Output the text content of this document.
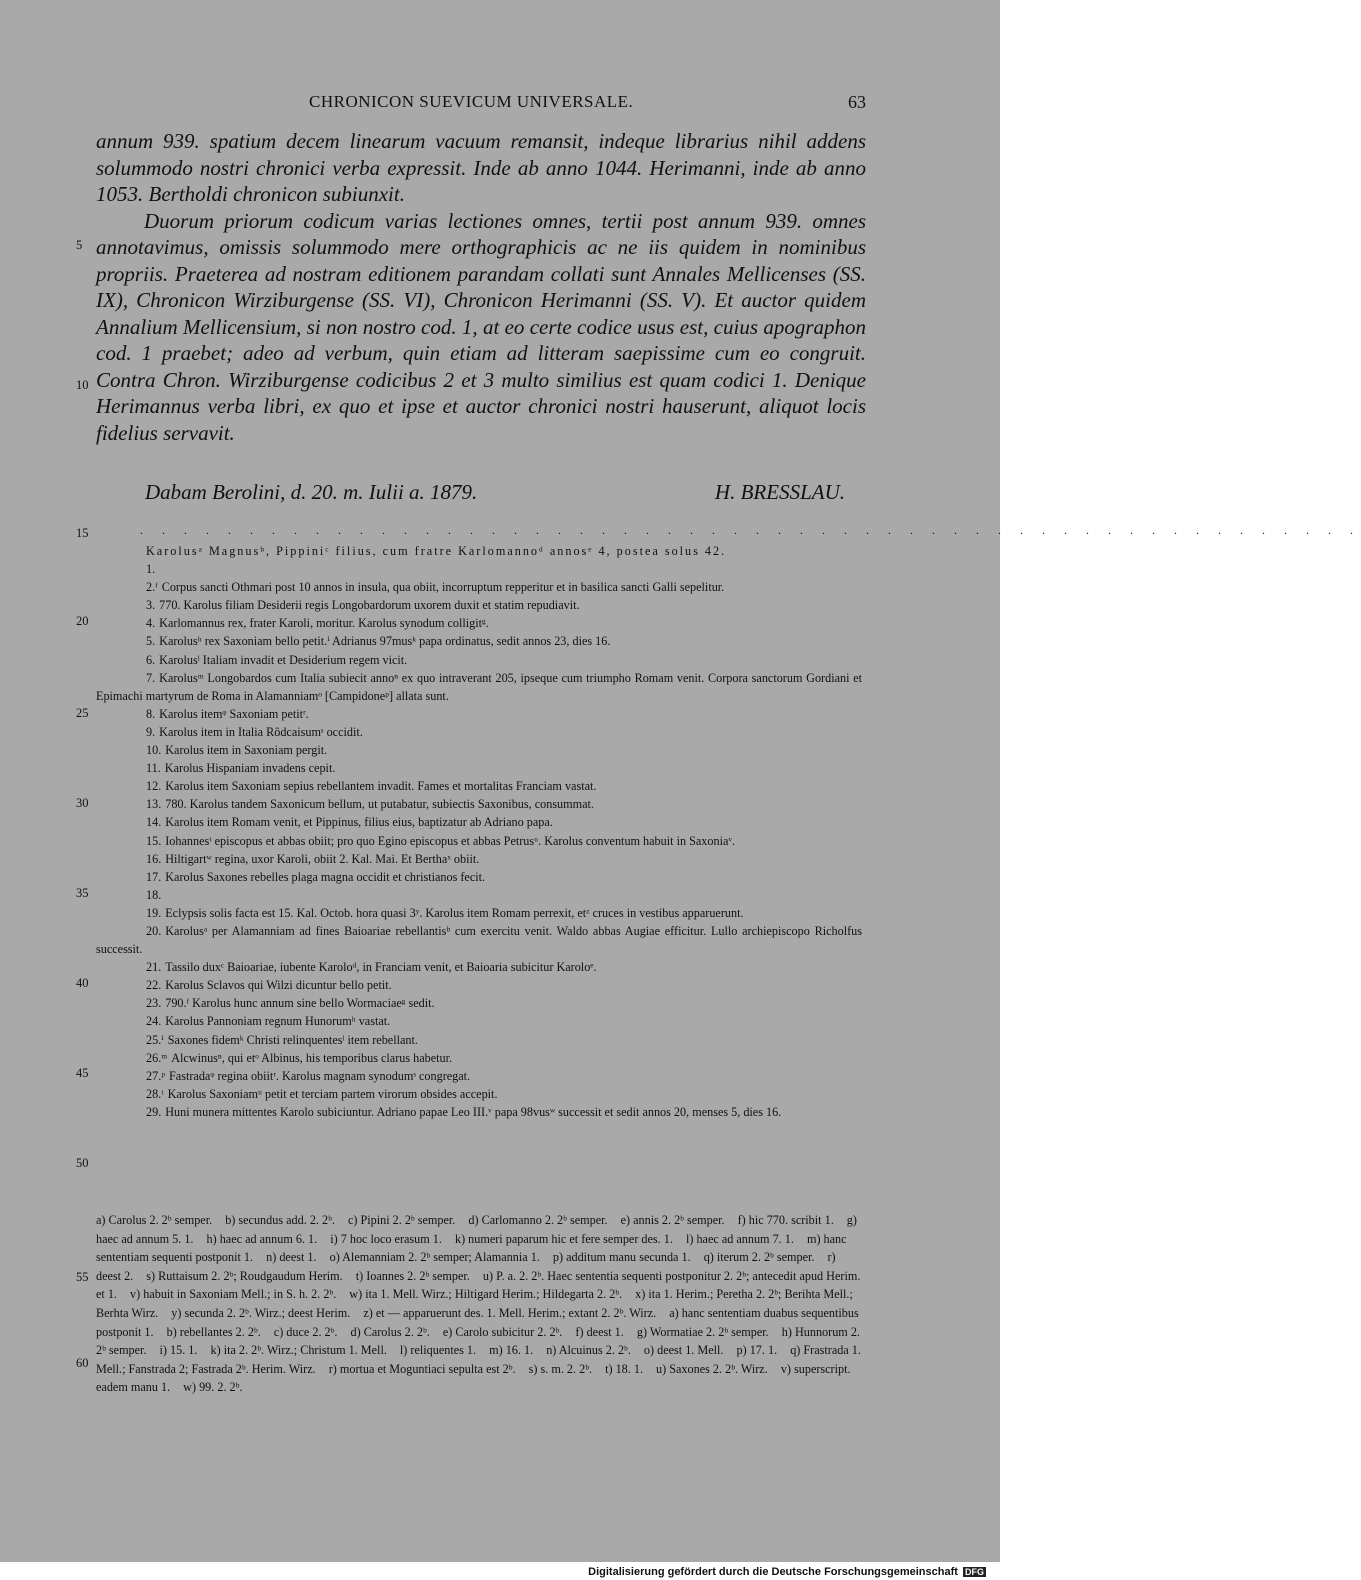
CHRONICON SUEVICUM UNIVERSALE.	63

annum 939. spatium decem linearum vacuum remansit, indeque librarius nihil addens solummodo nostri chronici verba expressit. Inde ab anno 1044. Herimanni, inde ab anno 1053. Bertholdi chronicon subiunxit.

Duorum priorum codicum varias lectiones omnes, tertii post annum 939. omnes annotavimus, omissis solummodo mere orthographicis ac ne iis quidem in nominibus propriis. Praeterea ad nostram editionem parandam collati sunt Annales Mellicenses (SS. IX), Chronicon Wirziburgense (SS. VI), Chronicon Herimanni (SS. V). Et auctor quidem Annalium Mellicensium, si non nostro cod. 1, at eo certe codice usus est, cuius apographon cod. 1 praebet; adeo ad verbum, quin etiam ad litteram saepissime cum eo congruit. Contra Chron. Wirziburgense codicibus 2 et 3 multo similius est quam codici 1. Denique Herimannus verba libri, ex quo et ipse et auctor chronici nostri hauserunt, aliquot locis fidelius servavit.

Dabam Berolini, d. 20. m. Iulii a. 1879.	H. BRESSLAU.
5
10
15
20
25
30
35
40
45
50
55
60
. . . . . . . . . . . . . . . . . . . . . . . . . . . . . . . . . . . . . . . . . . . . . . . . . . . . . . . .

Karolusᵃ Magnusᵇ, Pippiniᶜ filius, cum fratre Karlomannoᵈ annosᵉ 4, postea solus 42.

1.

2.ᶠ Corpus sancti Othmari post 10 annos in insula, qua obiit, incorruptum repperitur et in basilica sancti Galli sepelitur.

3. 770. Karolus filiam Desiderii regis Longobardorum uxorem duxit et statim repudiavit.

4. Karlomannus rex, frater Karoli, moritur. Karolus synodum colligitᵍ.

5. Karolusʰ rex Saxoniam bello petit.ⁱ Adrianus 97musᵏ papa ordinatus, sedit annos 23, dies 16.

6. Karolusˡ Italiam invadit et Desiderium regem vicit.

7. Karolusᵐ Longobardos cum Italia subiecit annoⁿ ex quo intraverant 205, ipseque cum triumpho Romam venit. Corpora sanctorum Gordiani et Epimachi martyrum de Roma in Alamanniamᵒ [Campidoneᵖ] allata sunt.

8. Karolus itemᵠ Saxoniam petitʳ.

9. Karolus item in Italia Rôdcaisumˢ occidit.

10. Karolus item in Saxoniam pergit.

11. Karolus Hispaniam invadens cepit.

12. Karolus item Saxoniam sepius rebellantem invadit. Fames et mortalitas Franciam vastat.

13. 780. Karolus tandem Saxonicum bellum, ut putabatur, subiectis Saxonibus, consummat.

14. Karolus item Romam venit, et Pippinus, filius eius, baptizatur ab Adriano papa.

15. Iohannesᵗ episcopus et abbas obiit; pro quo Egino episcopus et abbas Petrusᵘ. Karolus conventum habuit in Saxoniaᵛ.

16. Hiltigartʷ regina, uxor Karoli, obiit 2. Kal. Mai. Et Berthaˣ obiit.

17. Karolus Saxones rebelles plaga magna occidit et christianos fecit.

18.

19. Eclypsis solis facta est 15. Kal. Octob. hora quasi 3ʸ. Karolus item Romam perrexit, etᶻ cruces in vestibus apparuerunt.

20. Karolusᵃ per Alamanniam ad fines Baioariae rebellantisᵇ cum exercitu venit. Waldo abbas Augiae efficitur. Lullo archiepiscopo Richolfus successit.

21. Tassilo duxᶜ Baioariae, iubente Karoloᵈ, in Franciam venit, et Baioaria subicitur Karoloᵉ.

22. Karolus Sclavos qui Wilzi dicuntur bello petit.

23. 790.ᶠ Karolus hunc annum sine bello Wormaciaeᵍ sedit.

24. Karolus Pannoniam regnum Hunorumʰ vastat.

25.ⁱ Saxones fidemᵏ Christi relinquentesˡ item rebellant.

26.ᵐ Alcwinusⁿ, qui etᵒ Albinus, his temporibus clarus habetur.

27.ᵖ Fastradaᵠ regina obiitʳ. Karolus magnam synodumˢ congregat.

28.ᵗ Karolus Saxoniamᵘ petit et terciam partem virorum obsides accepit.

29. Huni munera mittentes Karolo subiciuntur. Adriano papae Leo III.ᵛ papa 98vusʷ successit et sedit annos 20, menses 5, dies 16.

a) Carolus 2. 2ᵇ semper. b) secundus add. 2. 2ᵇ. c) Pipini 2. 2ᵇ semper. d) Carlomanno 2. 2ᵇ semper. e) annis 2. 2ᵇ semper. f) hic 770. scribit 1. g) haec ad annum 5. 1. h) haec ad annum 6. 1. i) 7 hoc loco erasum 1. k) numeri paparum hic et fere semper des. 1. l) haec ad annum 7. 1. m) hanc sententiam sequenti postponit 1. n) deest 1. o) Alemanniam 2. 2ᵇ semper; Alamannia 1. p) additum manu secunda 1. q) iterum 2. 2ᵇ semper. r) deest 2. s) Ruttaisum 2. 2ᵇ; Roudgaudum Herim. t) Ioannes 2. 2ᵇ semper. u) P. a. 2. 2ᵇ. Haec sententia sequenti postponitur 2. 2ᵇ; antecedit apud Herim. et 1. v) habuit in Saxoniam Mell.; in S. h. 2. 2ᵇ. w) ita 1. Mell. Wirz.; Hiltigard Herim.; Hildegarta 2. 2ᵇ. x) ita 1. Herim.; Peretha 2. 2ᵇ; Berihta Mell.; Berhta Wirz. y) secunda 2. 2ᵇ. Wirz.; deest Herim. z) et — apparuerunt des. 1. Mell. Herim.; extant 2. 2ᵇ. Wirz. a) hanc sententiam duabus sequentibus postponit 1. b) rebellantes 2. 2ᵇ. c) duce 2. 2ᵇ. d) Carolus 2. 2ᵇ. e) Carolo subicitur 2. 2ᵇ. f) deest 1. g) Wormatiae 2. 2ᵇ semper. h) Hunnorum 2. 2ᵇ semper. i) 15. 1. k) ita 2. 2ᵇ. Wirz.; Christum 1. Mell. l) reliquentes 1. m) 16. 1. n) Alcuinus 2. 2ᵇ. o) deest 1. Mell. p) 17. 1. q) Frastrada 1. Mell.; Fanstrada 2; Fastrada 2ᵇ. Herim. Wirz. r) mortua et Moguntiaci sepulta est 2ᵇ. s) s. m. 2. 2ᵇ. t) 18. 1. u) Saxones 2. 2ᵇ. Wirz. v) superscript. eadem manu 1. w) 99. 2. 2ᵇ.
Digitalisierung gefördert durch die Deutsche Forschungsgemeinschaft DFG
